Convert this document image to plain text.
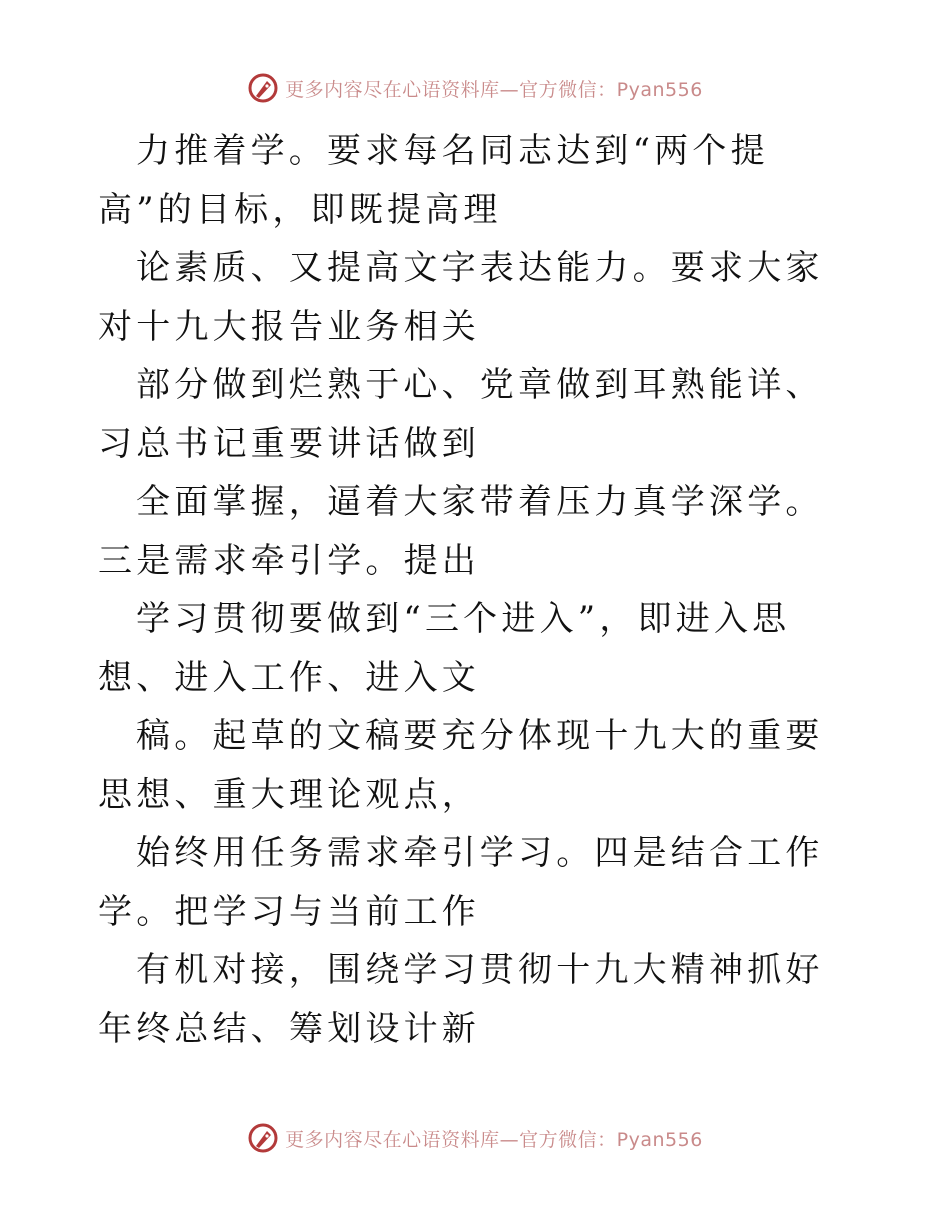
更多内容尽在心语资料库—官方微信：Pyan556

力推着学。要求每名同志达到“两个提高”的目标，即既提高理

论素质、又提高文字表达能力。要求大家对十九大报告业务相关

部分做到烂熟于心、党章做到耳熟能详、习总书记重要讲话做到

全面掌握，逼着大家带着压力真学深学。三是需求牵引学。提出

学习贯彻要做到“三个进入”，即进入思想、进入工作、进入文

稿。起草的文稿要充分体现十九大的重要思想、重大理论观点，

始终用任务需求牵引学习。四是结合工作学。把学习与当前工作

有机对接，围绕学习贯彻十九大精神抓好年终总结、筹划设计新

更多内容尽在心语资料库—官方微信：Pyan556
